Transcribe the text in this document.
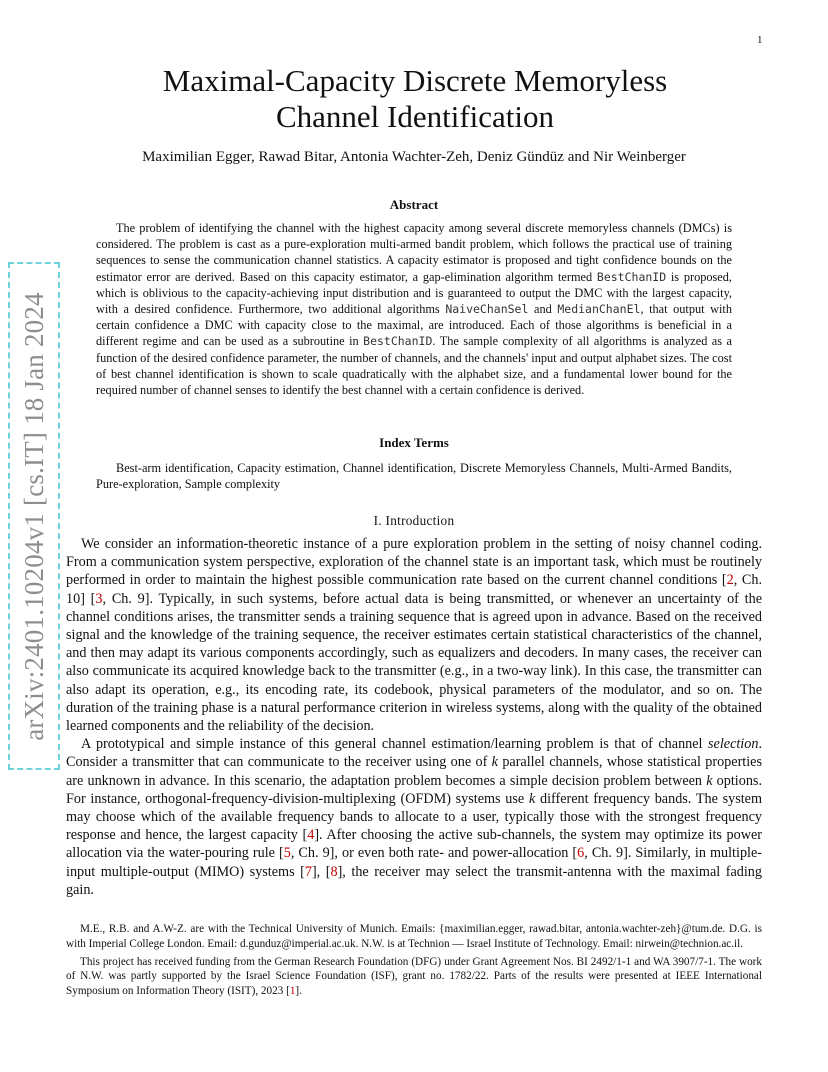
1
arXiv:2401.10204v1 [cs.IT] 18 Jan 2024
Maximal-Capacity Discrete Memoryless
Channel Identification
Maximilian Egger, Rawad Bitar, Antonia Wachter-Zeh, Deniz Gündüz and Nir Weinberger
Abstract

The problem of identifying the channel with the highest capacity among several discrete memoryless channels (DMCs) is considered. The problem is cast as a pure-exploration multi-armed bandit problem, which follows the practical use of training sequences to sense the communication channel statistics. A capacity estimator is proposed and tight confidence bounds on the estimator error are derived. Based on this capacity estimator, a gap-elimination algorithm termed BestChanID is proposed, which is oblivious to the capacity-achieving input distribution and is guaranteed to output the DMC with the largest capacity, with a desired confidence. Furthermore, two additional algorithms NaiveChanSel and MedianChanEl, that output with certain confidence a DMC with capacity close to the maximal, are introduced. Each of those algorithms is beneficial in a different regime and can be used as a subroutine in BestChanID. The sample complexity of all algorithms is analyzed as a function of the desired confidence parameter, the number of channels, and the channels' input and output alphabet sizes. The cost of best channel identification is shown to scale quadratically with the alphabet size, and a fundamental lower bound for the required number of channel senses to identify the best channel with a certain confidence is derived.

Index Terms

Best-arm identification, Capacity estimation, Channel identification, Discrete Memoryless Channels, Multi-Armed Bandits, Pure-exploration, Sample complexity

I. Introduction

We consider an information-theoretic instance of a pure exploration problem in the setting of noisy channel coding. From a communication system perspective, exploration of the channel state is an important task, which must be routinely performed in order to maintain the highest possible communication rate based on the current channel conditions [2, Ch. 10] [3, Ch. 9]. Typically, in such systems, before actual data is being transmitted, or whenever an uncertainty of the channel conditions arises, the transmitter sends a training sequence that is agreed upon in advance. Based on the received signal and the knowledge of the training sequence, the receiver estimates certain statistical characteristics of the channel, and then may adapt its various components accordingly, such as equalizers and decoders. In many cases, the receiver can also communicate its acquired knowledge back to the transmitter (e.g., in a two-way link). In this case, the transmitter can also adapt its operation, e.g., its encoding rate, its codebook, physical parameters of the modulator, and so on. The duration of the training phase is a natural performance criterion in wireless systems, along with the quality of the obtained learned components and the reliability of the decision.

A prototypical and simple instance of this general channel estimation/learning problem is that of channel selection. Consider a transmitter that can communicate to the receiver using one of k parallel channels, whose statistical properties are unknown in advance. In this scenario, the adaptation problem becomes a simple decision problem between k options. For instance, orthogonal-frequency-division-multiplexing (OFDM) systems use k different frequency bands. The system may choose which of the available frequency bands to allocate to a user, typically those with the strongest frequency response and hence, the largest capacity [4]. After choosing the active sub-channels, the system may optimize its power allocation via the water-pouring rule [5, Ch. 9], or even both rate- and power-allocation [6, Ch. 9]. Similarly, in multiple-input multiple-output (MIMO) systems [7], [8], the receiver may select the transmit-antenna with the maximal fading gain.

M.E., R.B. and A.W-Z. are with the Technical University of Munich. Emails: {maximilian.egger, rawad.bitar, antonia.wachter-zeh}@tum.de. D.G. is with Imperial College London. Email: d.gunduz@imperial.ac.uk. N.W. is at Technion — Israel Institute of Technology. Email: nirwein@technion.ac.il.

This project has received funding from the German Research Foundation (DFG) under Grant Agreement Nos. BI 2492/1-1 and WA 3907/7-1. The work of N.W. was partly supported by the Israel Science Foundation (ISF), grant no. 1782/22. Parts of the results were presented at IEEE International Symposium on Information Theory (ISIT), 2023 [1].
